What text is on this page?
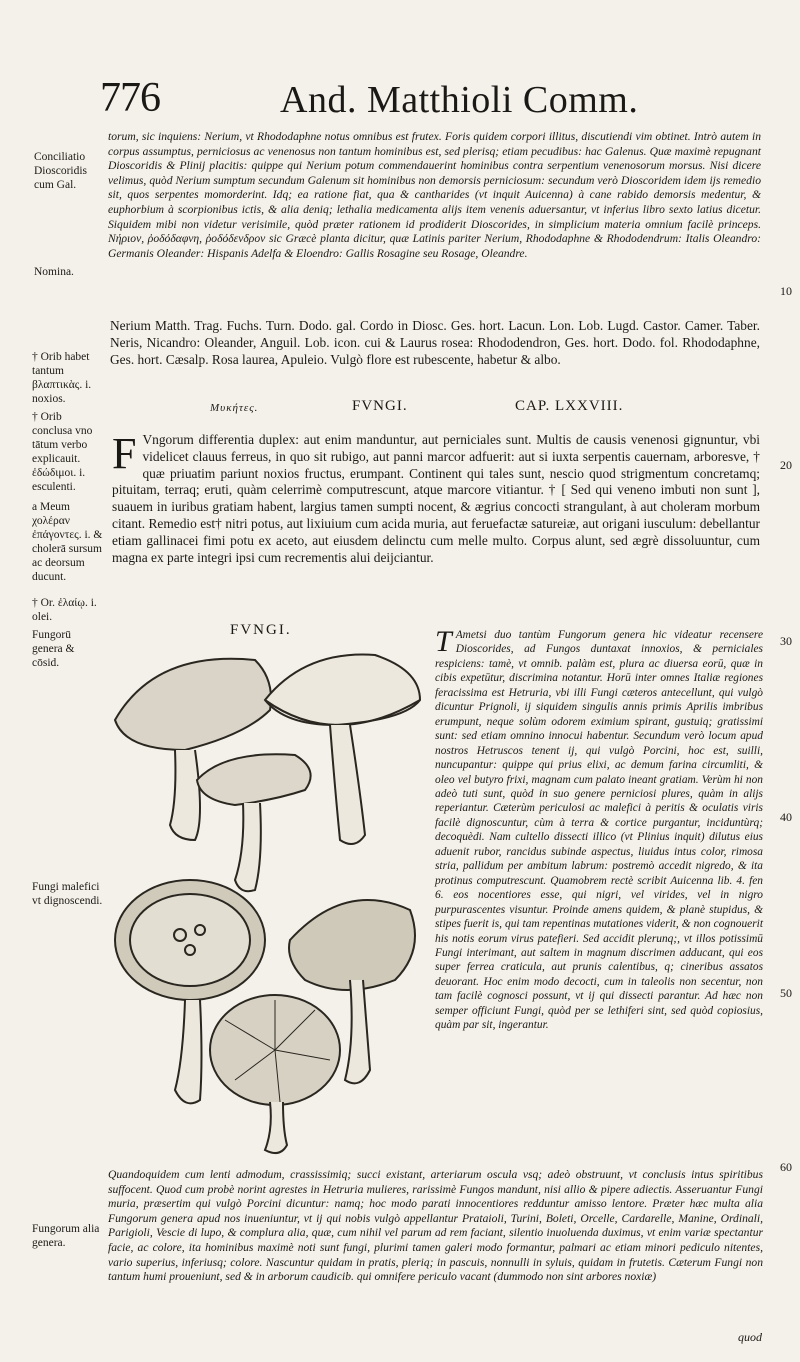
776	And. Matthioli Comm.

torum, sic inquiens: Nerium, vt Rhododaphne notus omnibus est frutex. Foris quidem corpori illitus, discutiendi vim obtinet. Intrò autem in corpus assumptus, perniciosus ac venenosus non tantum hominibus est, sed plerisq; etiam pecudibus: hac Galenus. Quæ maximè repugnant Dioscoridis & Plinij placitis: quippe qui Nerium potum commendauerint hominibus contra serpentium venenosorum morsus. Nisi dicere velimus, quòd Nerium sumptum secundum Galenum sit hominibus non demorsis perniciosum: secundum verò Dioscoridem idem ijs remedio sit, quos serpentes momorderint. Idq; ea ratione fiat, qua & cantharides (vt inquit Auicenna) à cane rabido demorsis medentur, & euphorbium à scorpionibus ictis, & alia deniq; lethalia medicamenta alijs item venenis aduersantur, vt inferius libro sexto latius dicetur. Siquidem mibi non videtur verisimile, quòd præter rationem id prodiderit Dioscorides, in simplicium materia omnium facilè princeps. Νήριον, ῥοδόδαφνη, ῥοδόδενδρον sic Græcè planta dicitur, quæ Latinis pariter Nerium, Rhododaphne & Rhododendrum: Italis Oleandro: Germanis Oleander: Hispanis Adelfa & Eloendro: Gallis Rosagine seu Rosage, Oleandre.

Nerium Matth. Trag. Fuchs. Turn. Dodo. gal. Cordo in Diosc. Ges. hort. Lacun. Lon. Lob. Lugd. Castor. Camer. Taber. Neris, Nicandro: Oleander, Anguil. Lob. icon. cui & Laurus rosea: Rhododendron, Ges. hort. Dodo. fol. Rhododaphne, Ges. hort. Cæsalp. Rosa laurea, Apuleio. Vulgò flore est rubescente, habetur & albo.

Μυκήτες.	FVNGI.	CAP. LXXVIII.
F Vngorum differentia duplex: aut enim manduntur, aut perniciales sunt. Multis de causis venenosi gignuntur, vbi videlicet clauus ferreus, in quo sit rubigo, aut panni marcor adfuerit: aut si iuxta serpentis cauernam, arboresve, † quæ priuatim pariunt noxios fructus, erumpant. Continent qui tales sunt, nescio quod strigmentum concretamq; pituitam, terraq; eruti, quàm celerrimè computrescunt, atque marcore vitiantur. † [ Sed qui veneno imbuti non sunt ], suauem in iuribus gratiam habent, largius tamen sumpti nocent, & ægrius concocti strangulant, à aut choleram morbum citant. Remedio est† nitri potus, aut lixiuium cum acida muria, aut feruefactæ satureiæ, aut origani iusculum: debellantur etiam gallinacei fimi potu ex aceto, aut eiusdem delinctu cum melle multo. Corpus alunt, sed ægrè dissoluuntur, cum magna ex parte integri ipsi cum recrementis alui deijciantur.
FVNGI.	T Ametsi duo tantùm Fungorum genera hic videatur recensere Dioscorides, ad Fungos duntaxat innoxios, & perniciales respiciens: tamè, vt omnib. palàm est, plura ac diuersa eorū, quæ in cibis expetūtur, discrimina notantur. Horū inter omnes Italiæ regiones feracissima est Hetruria, vbi illi Fungi cæteros antecellunt, qui vulgò dicuntur Prignoli, ij siquidem singulis annis primis Aprilis imbribus erumpunt, neque solùm odorem eximium spirant, gustuiq; gratissimi sunt: sed etiam omnino innocui habentur. Secundum verò locum apud nostros Hetruscos tenent ij, qui vulgò Porcini, hoc est, suilli, nuncupantur: quippe qui prius elixi, ac demum farina circumliti, & oleo vel butyro frixi, magnam cum palato ineant gratiam. Verùm hi non adeò tuti sunt, quòd in suo genere perniciosi plures, quàm in alijs reperiantur. Cæterùm periculosi ac malefici à peritis & oculatis viris facilè dignoscuntur, cùm à terra & cortice purgantur, inciduntùrq; decoquèdi. Nam cultello dissecti illico (vt Plinius inquit) dilutus eius aduenit rubor, rancidus subinde aspectus, liuidus intus color, rimosa stria, pallidum per ambitum labrum: postremò accedit nigredo, & ita protinus computrescunt. Quamobrem rectè scribit Auicenna lib. 4. fen 6. eos nocentiores esse, qui nigri, vel virides, vel in nigro purpurascentes visuntur. Proinde amens quidem, & planè stupidus, & stipes fuerit is, qui tam repentinas mutationes viderit, & non cognouerit his notis eorum virus patefieri. Sed accidit plerunq;, vt illos potissimū Fungi interimant, aut saltem in magnum discrimen adducant, qui eos super ferrea craticula, aut prunis calentibus, q; cineribus assatos deuorant. Hoc enim modo decocti, cum in taleolis non secentur, non tam facilè cognosci possunt, vt ij qui dissecti parantur. Ad hæc non semper officiunt Fungi, quòd per se lethiferi sint, sed quòd copiosius, quàm par sit, ingerantur.

Quandoquidem cum lenti admodum, crassissimiq; succi existant, arteriarum oscula vsq; adeò obstruunt, vt conclusis intus spiritibus suffocent. Quod cum probè norint agrestes in Hetruria mulieres, rarissimè Fungos mandunt, nisi allio & pipere adiectis. Asseruantur Fungi muria, præsertim qui vulgò Porcini dicuntur: namq; hoc modo parati innocentiores redduntur amisso lentore. Præter hæc multa alia Fungorum genera apud nos inueniuntur, vt ij qui nobis vulgò appellantur Prataioli, Turini, Boleti, Orcelle, Cardarelle, Manine, Ordinali, Parigioli, Vescie di lupo, & complura alia, quæ, cum nihil vel parum ad rem faciant, silentio inuoluenda duximus, vt enim variæ spectantur facie, ac colore, ita hominibus maximè noti sunt fungi, plurimi tamen galeri modo formantur, palmari ac etiam minori pediculo nitentes, vario superius, inferiusq; colore. Nascuntur quidam in pratis, plerią; in pascuis, nonnulli in syluis, quidam in frutetis. Cæterum Fungi non tantum humi proueniunt, sed & in arborum caudicib. qui omnifere periculo vacant (dummodo non sint arbores noxiæ)

quod
Conciliatio Dioscoridis cum Gal.
Nomina.
† Orib habet tantum βλαπτικὰς. i. noxios.
† Orib conclusa vno tātum verbo explicauit. ἐδώδιμοι. i. esculenti.
a Meum χολέραν ἐπάγοντες. i. & cholerā sursum ac deorsum ducunt.
† Or. ἐλαίῳ. i. olei.
Fungorū genera & cōsid.
Fungi malefici vt dignoscendi.
Fungorum alia genera.
10
20
30
40
50
60
